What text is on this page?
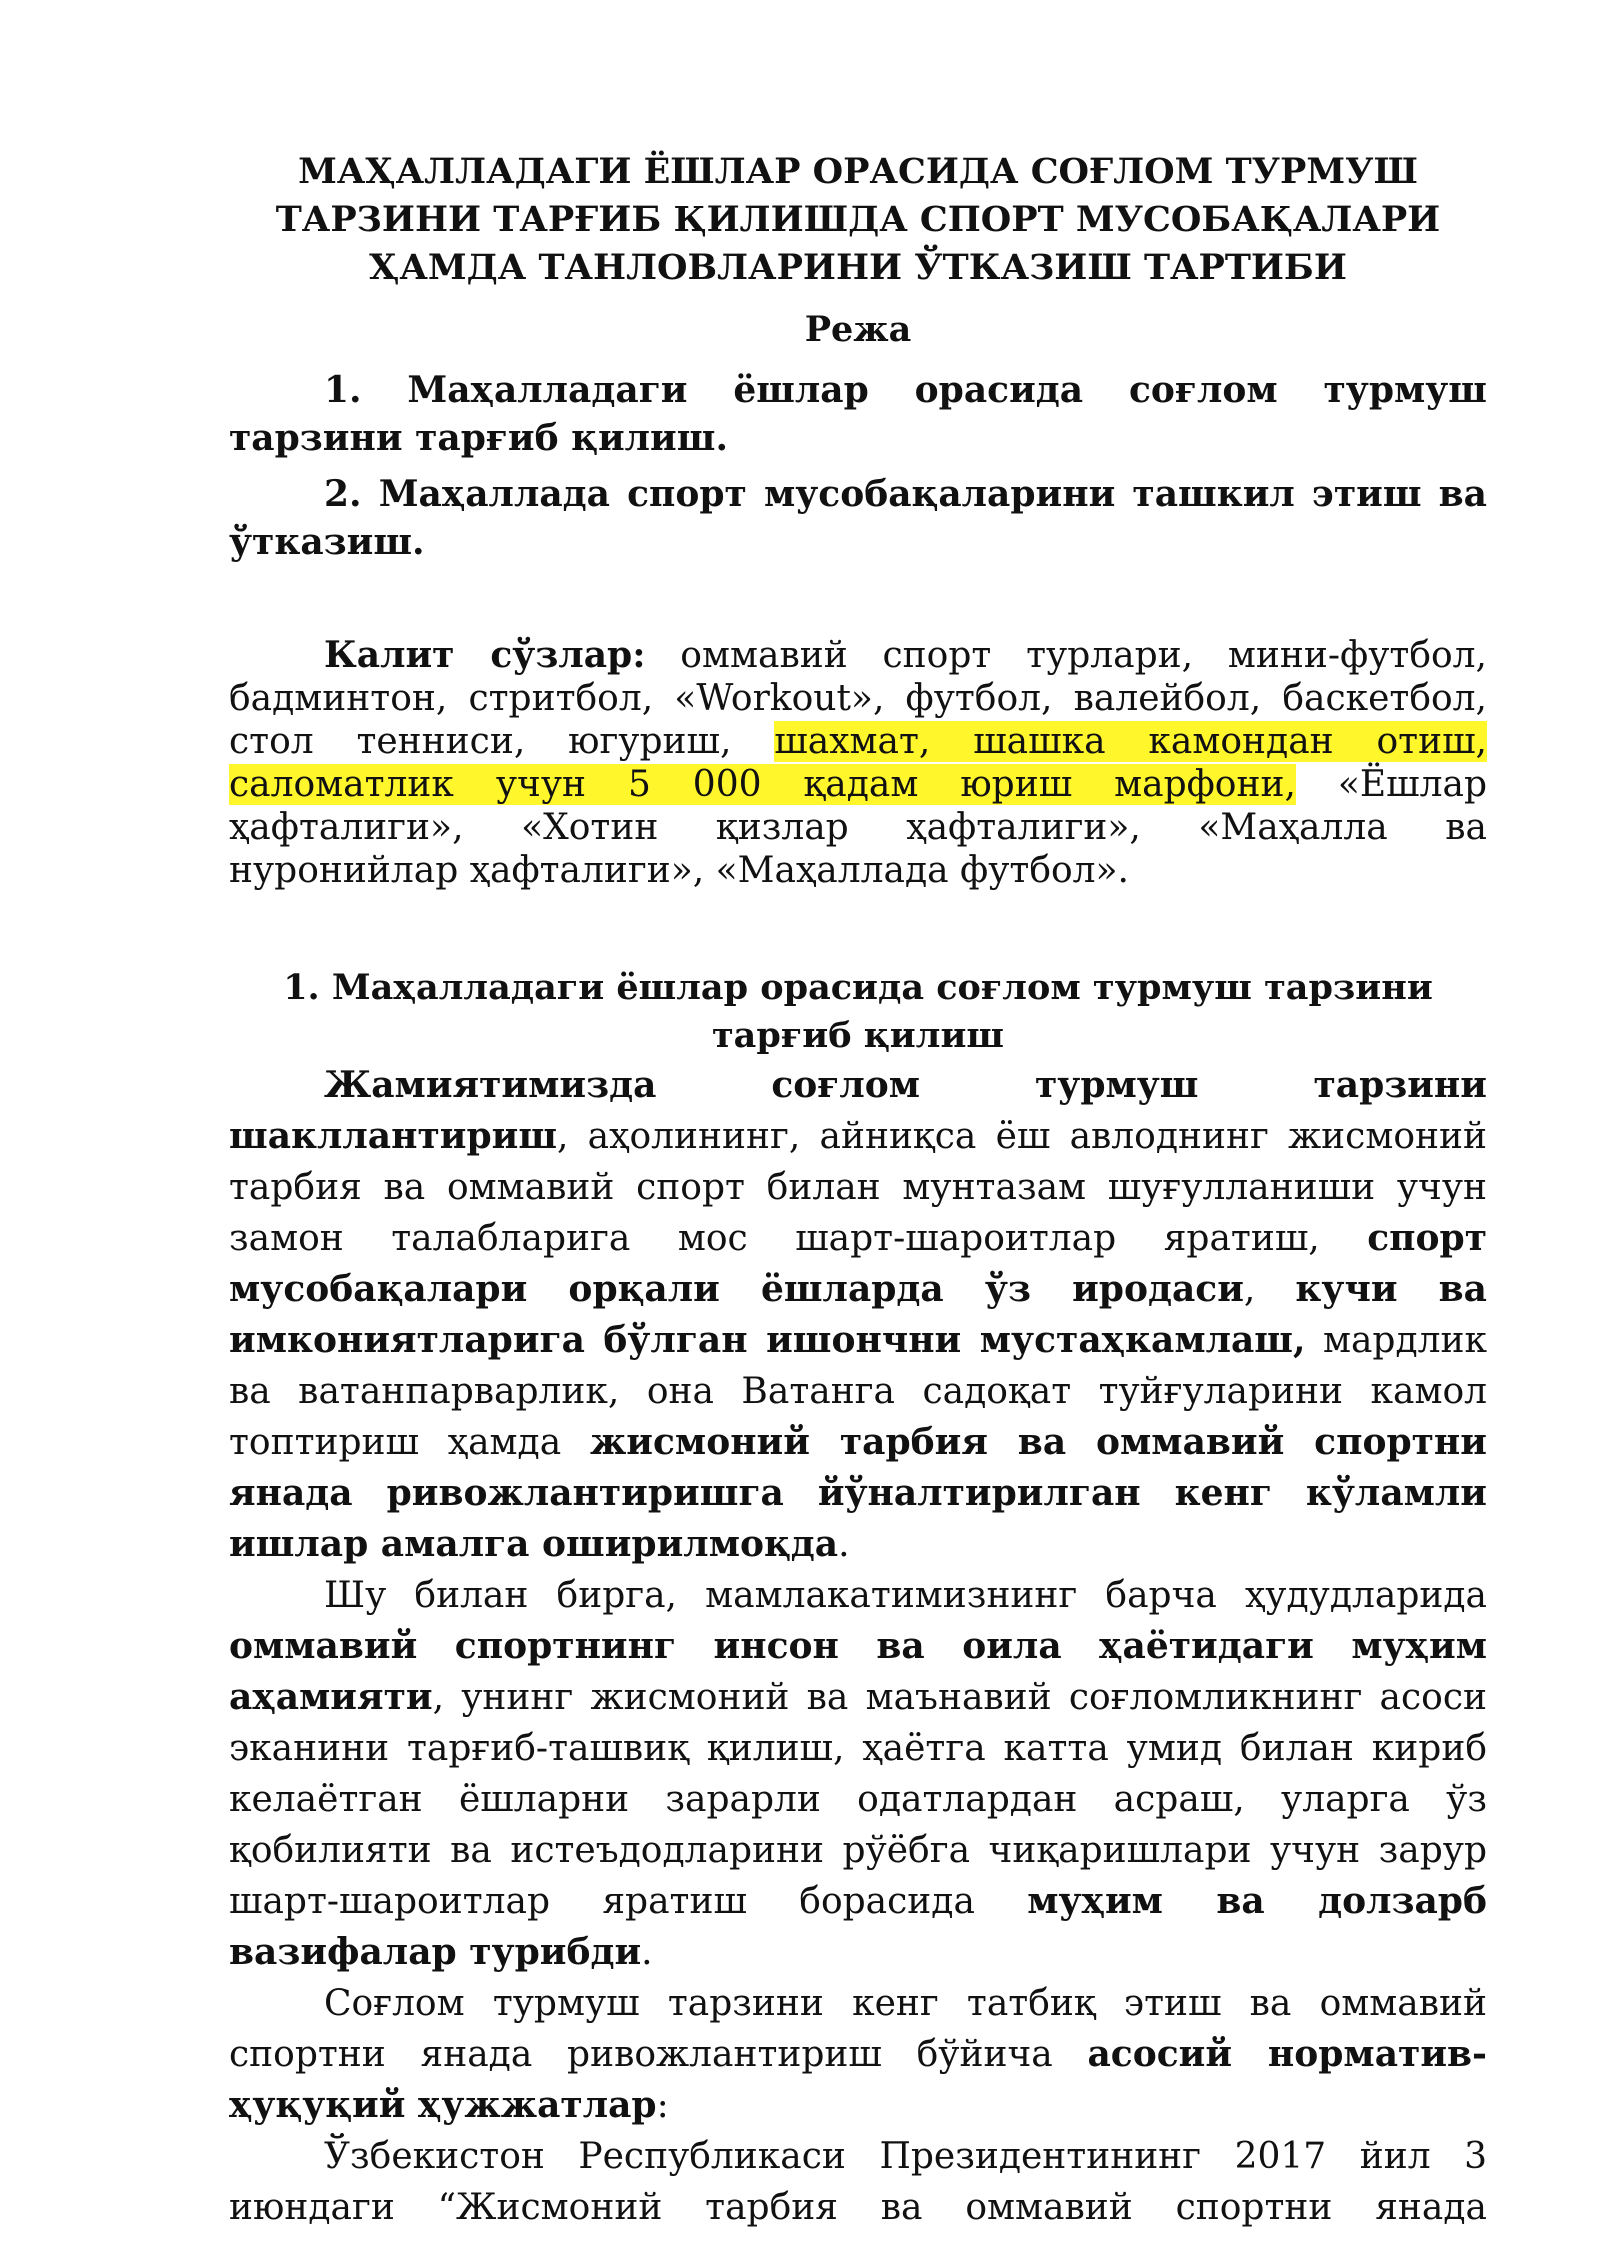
МАҲАЛЛАДАГИ ЁШЛАР ОРАСИДА СОҒЛОМ ТУРМУШ ТАРЗИНИ ТАРҒИБ ҚИЛИШДА СПОРТ МУСОБАҚАЛАРИ ҲАМДА ТАНЛОВЛАРИНИ ЎТКАЗИШ ТАРТИБИ
Режа

1. Маҳалладаги ёшлар орасида соғлом турмуш тарзини тарғиб қилиш.

2. Маҳаллада спорт мусобақаларини ташкил этиш ва ўтказиш.

Калит сўзлар: оммавий спорт турлари, мини-футбол, бадминтон, стритбол, «Workout», футбол, валейбол, баскетбол, стол тенниси, югуриш, шахмат, шашка камондан отиш, саломатлик учун 5 000 қадам юриш марфони, «Ёшлар ҳафталиги», «Хотин қизлар ҳафталиги», «Маҳалла ва нуронийлар ҳафталиги», «Маҳаллада футбол».

1. Маҳалладаги ёшлар орасида соғлом турмуш тарзини тарғиб қилиш

Жамиятимизда соғлом турмуш тарзини шакллантириш, аҳолининг, айниқса ёш авлоднинг жисмоний тарбия ва оммавий спорт билан мунтазам шуғулланиши учун замон талабларига мос шарт-шароитлар яратиш, спорт мусобақалари орқали ёшларда ўз иродаси, кучи ва имкониятларига бўлган ишончни мустаҳкамлаш, мардлик ва ватанпарварлик, она Ватанга садоқат туйғуларини камол топтириш ҳамда жисмоний тарбия ва оммавий спортни янада ривожлантиришга йўналтирилган кенг кўламли ишлар амалга оширилмоқда.

Шу билан бирга, мамлакатимизнинг барча ҳудудларида оммавий спортнинг инсон ва оила ҳаётидаги муҳим аҳамияти, унинг жисмоний ва маънавий соғломликнинг асоси эканини тарғиб-ташвиқ қилиш, ҳаётга катта умид билан кириб келаётган ёшларни зарарли одатлардан асраш, уларга ўз қобилияти ва истеъдодларини рўёбга чиқаришлари учун зарур шарт-шароитлар яратиш борасида муҳим ва долзарб вазифалар турибди.

Соғлом турмуш тарзини кенг татбиқ этиш ва оммавий спортни янада ривожлантириш бўйича асосий норматив-ҳуқуқий ҳужжатлар:

Ўзбекистон Республикаси Президентининг 2017 йил 3 июндаги “Жисмоний тарбия ва оммавий спортни янада
